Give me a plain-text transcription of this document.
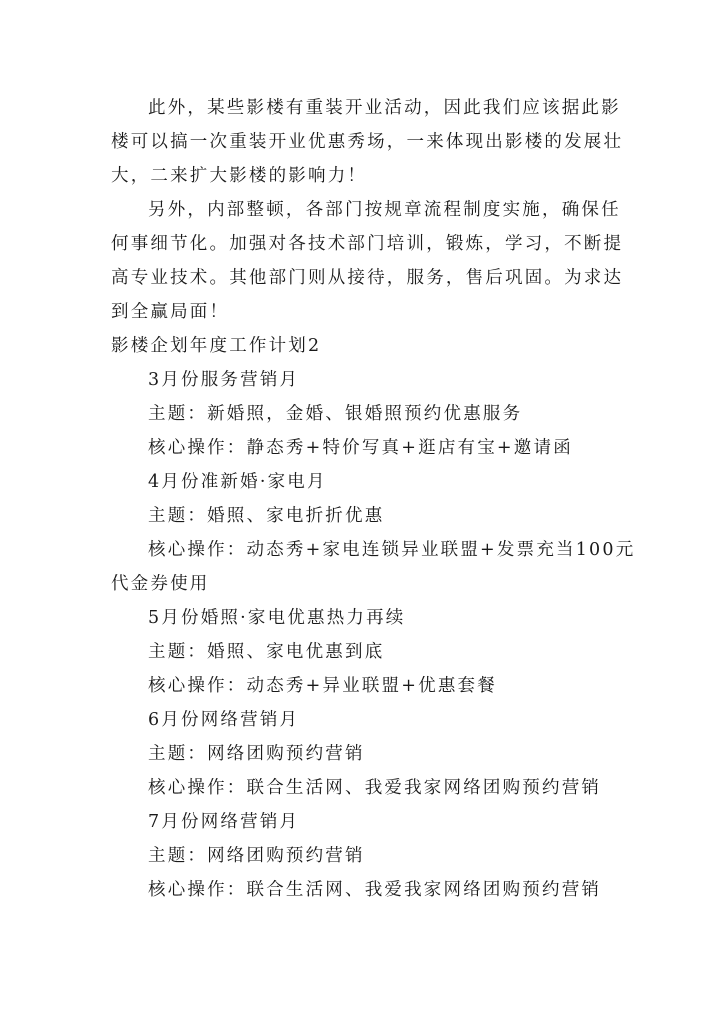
此外，某些影楼有重装开业活动，因此我们应该据此影
楼可以搞一次重装开业优惠秀场，一来体现出影楼的发展壮
大，二来扩大影楼的影响力！
另外，内部整顿，各部门按规章流程制度实施，确保任
何事细节化。加强对各技术部门培训，锻炼，学习，不断提
高专业技术。其他部门则从接待，服务，售后巩固。为求达
到全赢局面！
影楼企划年度工作计划2
3月份服务营销月
主题：新婚照，金婚、银婚照预约优惠服务
核心操作：静态秀+特价写真+逛店有宝+邀请函
4月份准新婚·家电月
主题：婚照、家电折折优惠
核心操作：动态秀+家电连锁异业联盟+发票充当100元
代金券使用
5月份婚照·家电优惠热力再续
主题：婚照、家电优惠到底
核心操作：动态秀+异业联盟+优惠套餐
6月份网络营销月
主题：网络团购预约营销
核心操作：联合生活网、我爱我家网络团购预约营销
7月份网络营销月
主题：网络团购预约营销
核心操作：联合生活网、我爱我家网络团购预约营销
